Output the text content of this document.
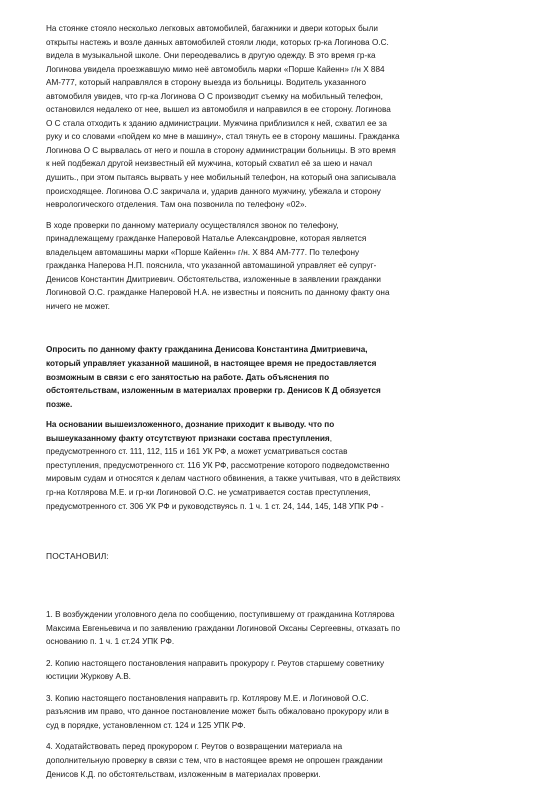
На стоянке стояло несколько легковых автомобилей, багажники и двери которых были
открыты настежь и возле данных автомобилей стояли люди, которых гр-ка Логинова О.С.
видела в музыкальной школе. Они переодевались в другую одежду. В это время гр-ка
Логинова увидела проезжавшую мимо неё автомобиль марки «Порше Кайенн» г/н Х 884
АМ-777, который направлялся в сторону выезда из больницы. Водитель указанного
автомобиля увидев, что гр-ка Логинова О С производит съемку на мобильный телефон,
остановился недалеко от нее, вышел из автомобиля и направился в ее сторону. Логинова
О С стала отходить к зданию администрации. Мужчина приблизился к ней, схватил ее за
руку и со словами «пойдем ко мне в машину», стал тянуть ее в сторону машины. Гражданка
Логинова О С вырвалась от него и пошла в сторону администрации больницы. В это время
к ней подбежал другой неизвестный ей мужчина, который схватил её за шею и начал
душить., при этом пытаясь вырвать у нее мобильный телефон, на который она записывала
происходящее. Логинова О.С закричала и, ударив данного мужчину, убежала и сторону
неврологического отделения. Там она позвонила по телефону «02».

В ходе проверки по данному материалу осуществлялся звонок по телефону,
принадлежащему гражданке Наперовой Наталье Александровне, которая является
владельцем автомашины марки «Порше Кайенн» г/н. Х 884 АМ-777. По телефону
гражданка Наперова Н.П. пояснила, что указанной автомашиной управляет её супруг-
Денисов Константин Дмитриевич. Обстоятельства, изложенные в заявлении гражданки
Логиновой О.С. гражданке Наперовой Н.А. не известны и пояснить по данному факту она
ничего не может.

Опросить по данному факту гражданина Денисова Константина Дмитриевича,
который управляет указанной машиной, в настоящее время не предоставляется
возможным в связи с его занятостью на работе. Дать объяснения по
обстоятельствам, изложенным в материалах проверки гр. Денисов К Д обязуется
позже.

На основании вышеизложенного, дознание приходит к выводу. что по
вышеуказанному факту отсутствуют признаки состава преступления,
предусмотренного ст. 111, 112, 115 и 161 УК РФ, а может усматриваться состав
преступления, предусмотренного ст. 116 УК РФ, рассмотрение которого подведомственно
мировым судам и относятся к делам частного обвинения, а также учитывая, что в действиях
гр-на Котлярова М.Е. и гр-ки Логиновой О.С. не усматривается состав преступления,
предусмотренного ст. 306 УК РФ и руководствуясь п. 1 ч. 1 ст. 24, 144, 145, 148 УПК РФ -

ПОСТАНОВИЛ:

1. В возбуждении уголовного дела по сообщению, поступившему от гражданина Котлярова
Максима Евгеньевича и по заявлению гражданки Логиновой Оксаны Сергеевны, отказать по
основанию п. 1 ч. 1 ст.24 УПК РФ.

2. Копию настоящего постановления направить прокурору г. Реутов старшему советнику
юстиции Журкову А.В.

3. Копию настоящего постановления направить гр. Котлярову М.Е. и Логиновой О.С.
разъяснив им право, что данное постановление может быть обжаловано прокурору или в
суд в порядке, установленном ст. 124 и 125 УПК РФ.

4. Ходатайствовать перед прокурором г. Реутов о возвращении материала на
дополнительную проверку в связи с тем, что в настоящее время не опрошен граждании
Денисов К.Д. по обстоятельствам, изложенным в материалах проверки.
